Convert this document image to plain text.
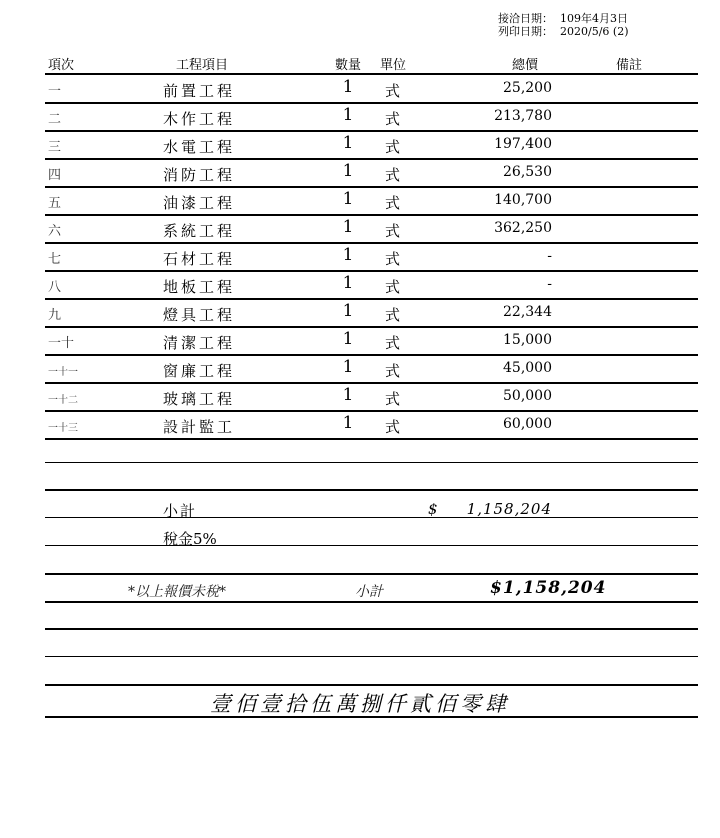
接洽日期： 109年4月3日
列印日期： 2020/5/6 (2)
項次	工程項目	數量 單位	總價	備註
一	前置工程	1	式	25,200
二	木作工程	1	式	213,780
三	水電工程	1	式	197,400
四	消防工程	1	式	26,530
五	油漆工程	1	式	140,700
六	系統工程	1	式	362,250
七	石材工程	1	式	-
八	地板工程	1	式	-
九	燈具工程	1	式	22,344
一十	清潔工程	1	式	15,000
一十一	窗廉工程	1	式	45,000
一十二	玻璃工程	1	式	50,000
一十三	設計監工	1	式	60,000
小計	$	1,158,204
稅金5%
*以上報價未稅*	小計	$1,158,204
壹佰壹拾伍萬捌仟貳佰零肆
